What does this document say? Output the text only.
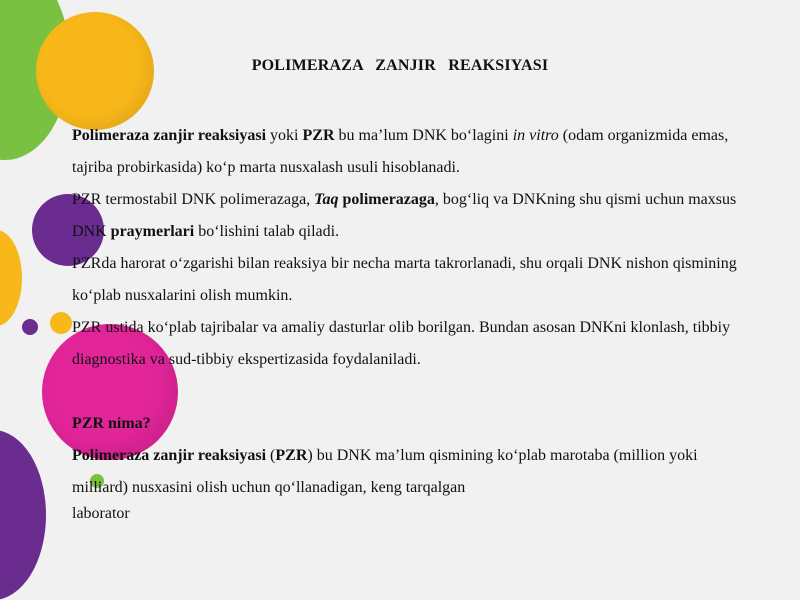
POLIMERAZA ZANJIR REAKSIYASI

Polimeraza zanjir reaksiyasi yoki PZR bu ma’lum DNK bo‘lagini in vitro (odam organizmida emas, tajriba probirkasida) ko‘p marta nusxalash usuli hisoblanadi.

PZR termostabil DNK polimerazaga, Taq polimerazaga, bog‘liq va DNKning shu qismi uchun maxsus DNK praymerlari bo‘lishini talab qiladi.

PZRda harorat o‘zgarishi bilan reaksiya bir necha marta takrorlanadi, shu orqali DNK nishon qismining ko‘plab nusxalarini olish mumkin.

PZR ustida ko‘plab tajribalar va amaliy dasturlar olib borilgan. Bundan asosan DNKni klonlash, tibbiy diagnostika va sud-tibbiy ekspertizasida foydalaniladi.

PZR nima?

Polimeraza zanjir reaksiyasi (PZR) bu DNK ma’lum qismining ko‘plab marotaba (million yoki milliard) nusxasini olish uchun qo‘llanadigan, keng tarqalgan

laborator
